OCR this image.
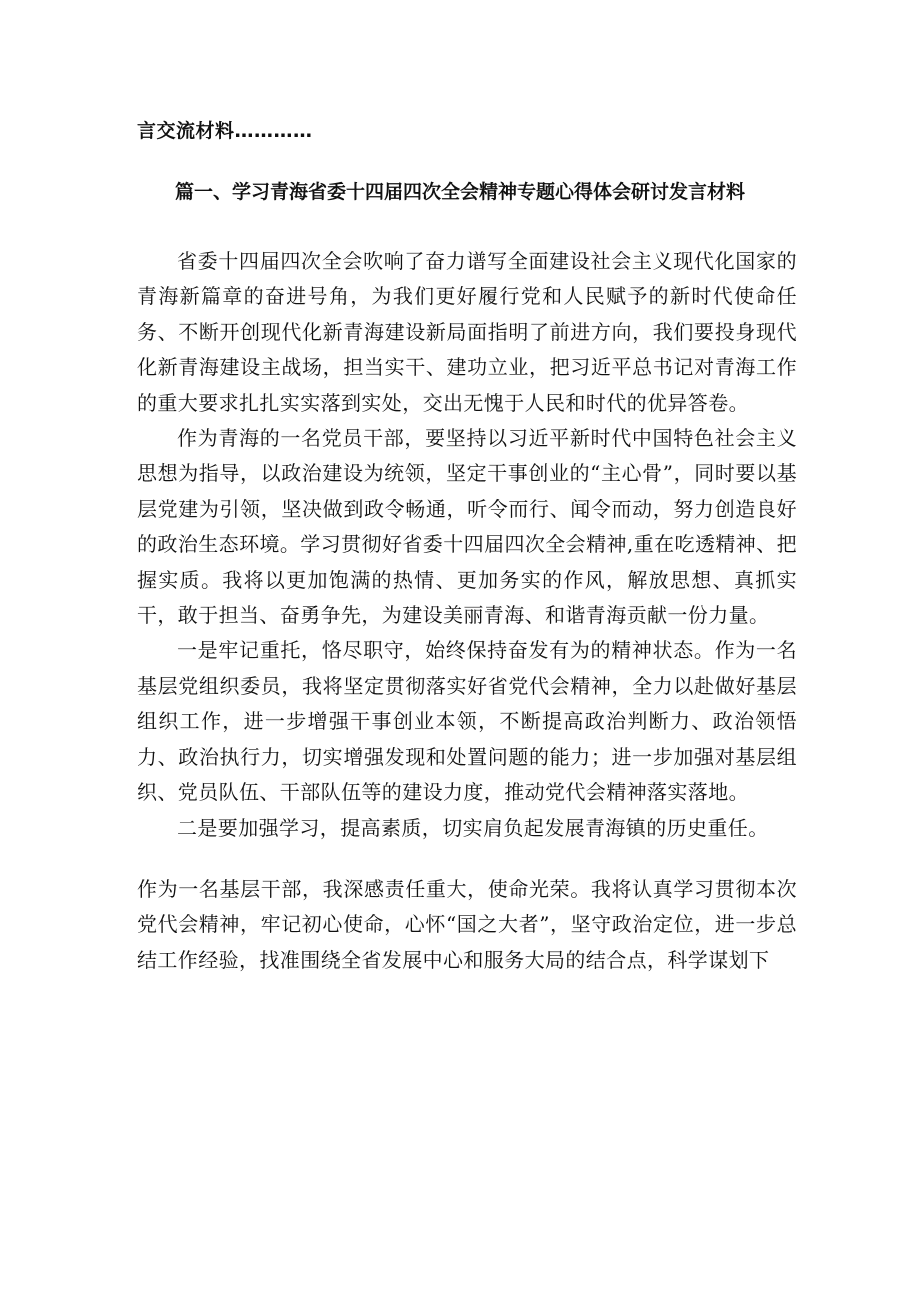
言交流材料…………
篇一、学习青海省委十四届四次全会精神专题心得体会研讨发言材料

省委十四届四次全会吹响了奋力谱写全面建设社会主义现代化国家的青海新篇章的奋进号角，为我们更好履行党和人民赋予的新时代使命任务、不断开创现代化新青海建设新局面指明了前进方向，我们要投身现代化新青海建设主战场，担当实干、建功立业，把习近平总书记对青海工作的重大要求扎扎实实落到实处，交出无愧于人民和时代的优异答卷。

作为青海的一名党员干部，要坚持以习近平新时代中国特色社会主义思想为指导，以政治建设为统领，坚定干事创业的“主心骨”，同时要以基层党建为引领，坚决做到政令畅通，听令而行、闻令而动，努力创造良好的政治生态环境。学习贯彻好省委十四届四次全会精神,重在吃透精神、把握实质。我将以更加饱满的热情、更加务实的作风，解放思想、真抓实干，敢于担当、奋勇争先，为建设美丽青海、和谐青海贡献一份力量。

一是牢记重托，恪尽职守，始终保持奋发有为的精神状态。作为一名基层党组织委员，我将坚定贯彻落实好省党代会精神，全力以赴做好基层组织工作，进一步增强干事创业本领，不断提高政治判断力、政治领悟力、政治执行力，切实增强发现和处置问题的能力；进一步加强对基层组织、党员队伍、干部队伍等的建设力度，推动党代会精神落实落地。

二是要加强学习，提高素质，切实肩负起发展青海镇的历史重任。

作为一名基层干部，我深感责任重大，使命光荣。我将认真学习贯彻本次党代会精神，牢记初心使命，心怀“国之大者”，坚守政治定位，进一步总结工作经验，找准围绕全省发展中心和服务大局的结合点，科学谋划下
